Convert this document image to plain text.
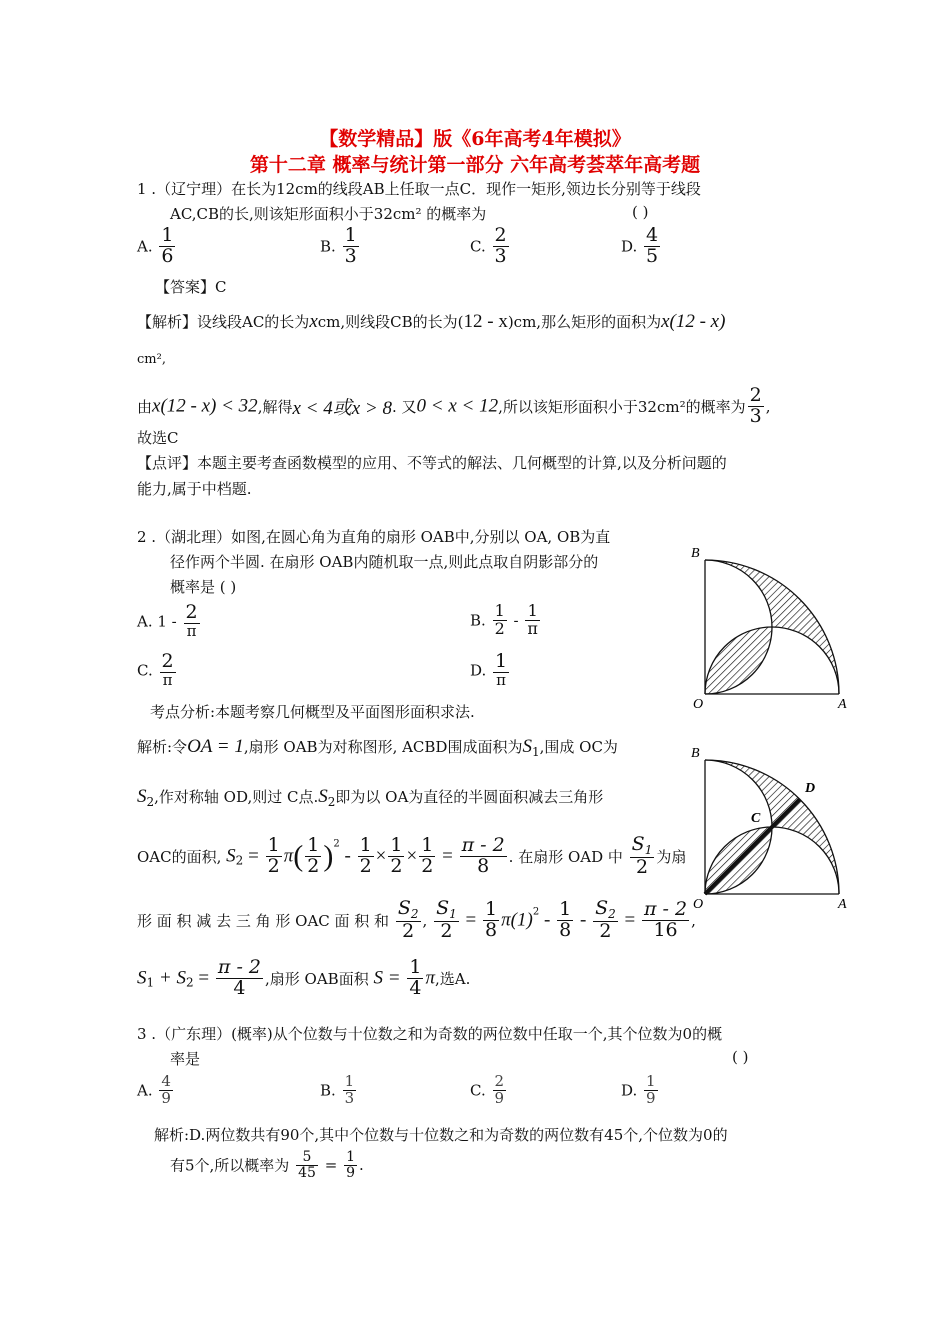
【数学精品】版《6年高考4年模拟》
第十二章 概率与统计第一部分 六年高考荟萃年高考题
1 .（辽宁理）在长为12cm的线段AB上任取一点C．现作一矩形,领边长分别等于线段
AC,CB的长,则该矩形面积小于32cm² 的概率为	( )
A. $\frac{1}{6}$	B. $\frac{1}{3}$	C. $\frac{2}{3}$	D. $\frac{4}{5}$
【答案】C
【解析】设线段AC的长为xcm,则线段CB的长为(12 - x)cm,那么矩形的面积为x(12 - x)
cm²,
由x(12 - x) < 32,解得x < 4或x > 8. 又0 < x < 12,所以该矩形面积小于32cm²的概率为 $\frac{2}{3}$ ,
故选C
【点评】本题主要考查函数模型的应用、不等式的解法、几何概型的计算,以及分析问题的
能力,属于中档题.
2 .（湖北理）如图,在圆心角为直角的扇形 OAB中,分别以 OA, OB为直
径作两个半圆. 在扇形 OAB内随机取一点,则此点取自阴影部分的
概率是 ( )
A. $1 - \frac{2}{\pi}$	B. $\frac{1}{2} - \frac{1}{\pi}$
C. $\frac{2}{\pi}$	D. $\frac{1}{\pi}$
考点分析:本题考察几何概型及平面图形面积求法.
解析:令OA = 1,扇形 OAB为对称图形, ACBD围成面积为$S_1$,围成 OC为
$S_2$,作对称轴 OD,则过 C点$.S_2$即为以 OA为直径的半圆面积减去三角形
OAC的面积, $S_2 = \frac{1}{2} \pi( \frac{1}{2} )^2 - \frac{1}{2} \times \frac{1}{2} \times \frac{1}{2} = \frac{\pi - 2}{8}$ . 在扇形 OAD 中 $\frac{S_1}{2}$ 为扇
形 面 积 减 去 三 角 形 OAC 面 积 和 $\frac{S_2}{2}$ , $\frac{S_1}{2} = \frac{1}{8} \pi(1)^2 - \frac{1}{8} - \frac{S_2}{2} = \frac{\pi - 2}{16}$ ,
$S_1 + S_2 = \frac{\pi - 2}{4}$ ,扇形 OAB面积 $S = \frac{1}{4} \pi$,选A.
B
O	A
B
O	A
C
D
3 .（广东理）(概率)从个位数与十位数之和为奇数的两位数中任取一个,其个位数为0的概
率是	( )
A. $\frac{4}{9}$	B. $\frac{1}{3}$	C. $\frac{2}{9}$	D. $\frac{1}{9}$
解析:D.两位数共有90个,其中个位数与十位数之和为奇数的两位数有45个,个位数为0的
有5个,所以概率为 $\frac{5}{45} = \frac{1}{9}$ .
